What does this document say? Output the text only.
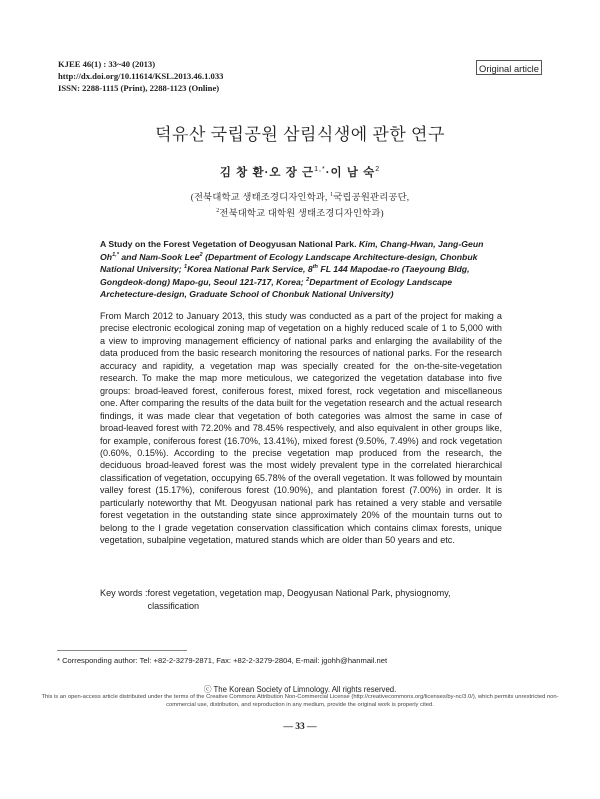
KJEE 46(1) : 33~40 (2013)
http://dx.doi.org/10.11614/KSL.2013.46.1.033
ISSN: 2288-1115 (Print), 2288-1123 (Online)
Original article
덕유산 국립공원 삼림식생에 관한 연구
김 창 환·오 장 근$^{1,*}$·이 남 숙$^2$
(전북대학교 생태조경디자인학과, $^1$국립공원관리공단,
$^2$전북대학교 대학원 생태조경디자인학과)
A Study on the Forest Vegetation of Deogyusan National Park. Kim, Chang-Hwan, Jang-Geun $Oh^{1,*}$ and Nam-Sook Lee$^2$ (Department of Ecology Landscape Architecture-design, Chonbuk National University; $^1$Korea National Park Service, 8th FL 144 Mapodae-ro (Taeyoung Bldg, Gongdeok-dong) Mapo-gu, Seoul 121-717, Korea; $^2$Department of Ecology Landscape Archetecture-design, Graduate School of Chonbuk National University)

From March 2012 to January 2013, this study was conducted as a part of the project for making a precise electronic ecological zoning map of vegetation on a highly reduced scale of 1 to 5,000 with a view to improving management efficiency of national parks and enlarging the availability of the data produced from the basic research monitoring the resources of national parks. For the research accuracy and rapidity, a vegetation map was specially created for the on-the-site-vegetation research. To make the map more meticulous, we categorized the vegetation database into five groups: broad-leaved forest, coniferous forest, mixed forest, rock vegetation and miscellaneous one. After comparing the results of the data built for the vegetation research and the actual research findings, it was made clear that vegetation of both categories was almost the same in case of broad-leaved forest with 72.20% and 78.45% respectively, and also equivalent in other groups like, for example, coniferous forest (16.70%, 13.41%), mixed forest (9.50%, 7.49%) and rock vegetation (0.60%, 0.15%). According to the precise vegetation map produced from the research, the deciduous broad-leaved forest was the most widely prevalent type in the correlated hierarchical classification of vegetation, occupying 65.78% of the overall vegetation. It was followed by mountain valley forest (15.17%), coniferous forest (10.90%), and plantation forest (7.00%) in order. It is particularly noteworthy that Mt. Deogyusan national park has retained a very stable and versatile forest vegetation in the outstanding state since approximately 20% of the mountain turns out to belong to the I grade vegetation conservation classification which contains climax forests, unique vegetation, subalpine vegetation, matured stands which are older than 50 years and etc.

Key words : forest vegetation, vegetation map, Deogyusan National Park, physiognomy, classification
* Corresponding author: Tel: +82-2-3279-2871, Fax: +82-2-3279-2804, E-mail: jgohh@hanmail.net
ⓒ The Korean Society of Limnology. All rights reserved.
This is an open-access article distributed under the terms of the Creative Commons Attribution Non-Commercial License (http://creativecommons.org/licenses/by-nc/3.0/), which permits unrestricted non-commercial use, distribution, and reproduction in any medium, provide the original work is properly cited.
— 33 —
